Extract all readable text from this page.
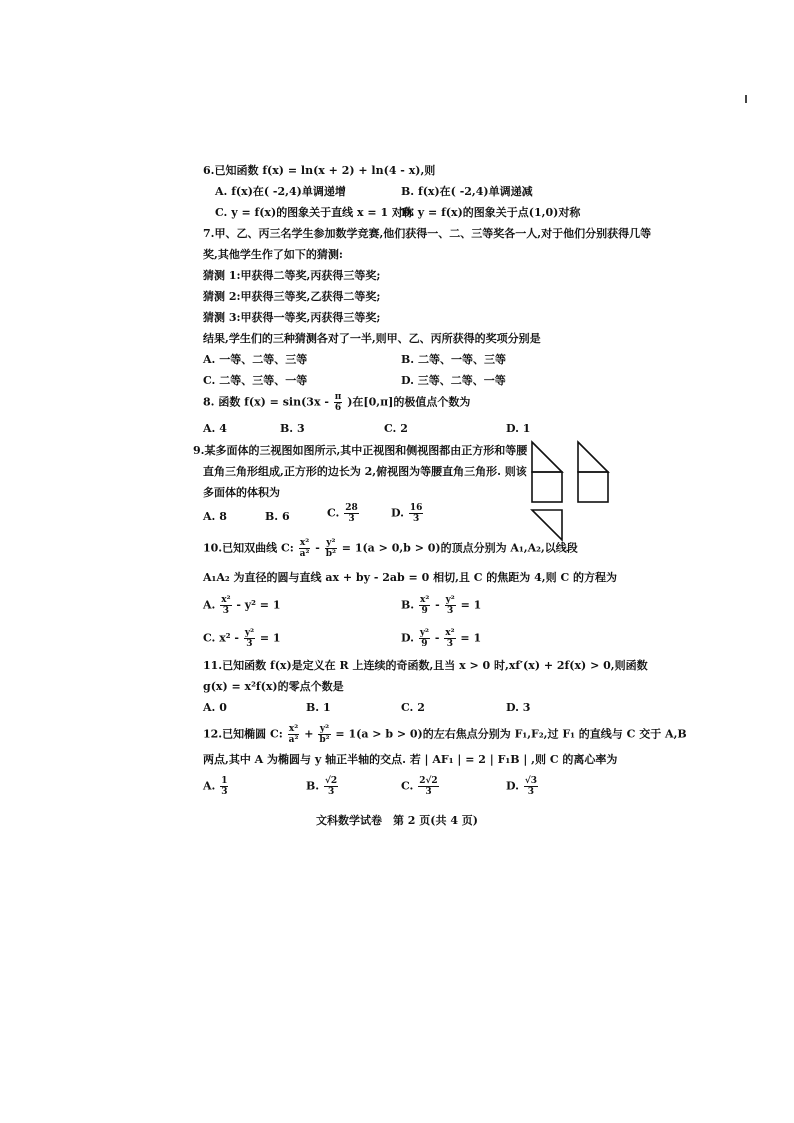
6.已知函数 f(x) = ln(x + 2) + ln(4 - x),则
A. f(x)在( -2,4)单调递增	B. f(x)在( -2,4)单调递减
C. y = f(x)的图象关于直线 x = 1 对称
D. y = f(x)的图象关于点(1,0)对称
7.甲、乙、丙三名学生参加数学竞赛,他们获得一、二、三等奖各一人,对于他们分别获得几等
奖,其他学生作了如下的猜测:
猜测 1:甲获得二等奖,丙获得三等奖;
猜测 2:甲获得三等奖,乙获得二等奖;
猜测 3:甲获得一等奖,丙获得三等奖;
结果,学生们的三种猜测各对了一半,则甲、乙、丙所获得的奖项分别是
A. 一等、二等、三等	B. 二等、一等、三等
C. 二等、三等、一等	D. 三等、二等、一等
8. 函数 $f(x) = \sin(3x - \frac{\pi}{6}$ )在[0,π]的极值点个数为
A. 4	B. 3	C. 2	D. 1
9.某多面体的三视图如图所示,其中正视图和侧视图都由正方形和等腰
直角三角形组成,正方形的边长为 2,俯视图为等腰直角三角形. 则该
多面体的体积为
A. 8	B. 6	C. $\frac{28}{3}$	D. $\frac{16}{3}$
10.已知双曲线 C: $\frac{\text{x²}}{\text{a²}} - \frac{\text{y²}}{\text{b²}} = 1(a > 0,b > 0)$的顶点分别为 A₁,A₂,以线段
A₁A₂ 为直径的圆与直线 ax + by - 2ab = 0 相切,且 C 的焦距为 4,则 C 的方程为
A. $\frac{\text{x²}}{3} - y^2 = 1$	B. $\frac{\text{x²}}{9} - \frac{\text{y²}}{3} = 1$
C. $x^2 - \frac{\text{y²}}{3} = 1$	D. $\frac{\text{y²}}{9} - \frac{\text{x²}}{3} = 1$
11.已知函数 f(x)是定义在 R 上连续的奇函数,且当 x > 0 时,xf′(x) + 2f(x) > 0,则函数
g(x) = x²f(x)的零点个数是
A. 0	B. 1	C. 2	D. 3
12.已知椭圆 C: $\frac{\text{x²}}{\text{a²}} + \frac{\text{y²}}{\text{b²}} = 1(a > b > 0)$的左右焦点分别为 F₁,F₂,过 F₁ 的直线与 C 交于 A,B
两点,其中 A 为椭圆与 y 轴正半轴的交点. 若 | AF₁ | = 2 | F₁B | ,则 C 的离心率为
A. $\frac{1}{3}$	B. $\frac{√2}{3}$	C. $\frac{2√2}{3}$	D. $\frac{√3}{3}$
文科数学试卷　第 2 页(共 4 页)
